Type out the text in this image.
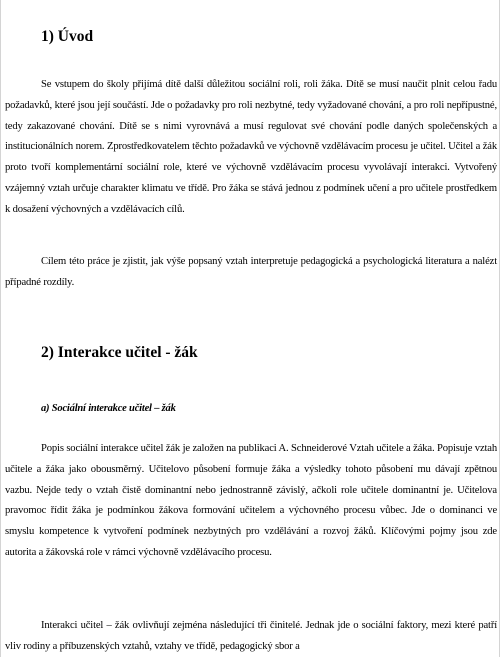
1) Úvod

Se vstupem do školy přijímá dítě další důležitou sociální roli, roli žáka. Dítě se musí naučit plnit celou řadu požadavků, které jsou její součástí. Jde o požadavky pro roli nezbytné, tedy vyžadované chování, a pro roli nepřípustné, tedy zakazované chování. Dítě se s nimi vyrovnává a musí regulovat své chování podle daných společenských a institucionálních norem. Zprostředkovatelem těchto požadavků ve výchovně vzdělávacím procesu je učitel. Učitel a žák proto tvoří komplementární sociální role, které ve výchovně vzdělávacím procesu vyvolávají interakci. Vytvořený vzájemný vztah určuje charakter klimatu ve třídě. Pro žáka se stává jednou z podmínek učení a pro učitele prostředkem k dosažení výchovných a vzdělávacích cílů.

Cílem této práce je zjistit, jak výše popsaný vztah interpretuje pedagogická a psychologická literatura a nalézt případné rozdíly.

2) Interakce učitel - žák
a) Sociální interakce učitel – žák

Popis sociální interakce učitel žák je založen na publikaci A. Schneiderové Vztah učitele a žáka. Popisuje vztah učitele a žáka jako obousměrný. Učitelovo působení formuje žáka a výsledky tohoto působení mu dávají zpětnou vazbu. Nejde tedy o vztah čistě dominantní nebo jednostranně závislý, ačkoli role učitele dominantní je. Učitelova pravomoc řídit žáka je podmínkou žákova formování učitelem a výchovného procesu vůbec. Jde o dominanci ve smyslu kompetence k vytvoření podmínek nezbytných pro vzdělávání a rozvoj žáků. Klíčovými pojmy jsou zde autorita a žákovská role v rámci výchovně vzdělávacího procesu.

Interakci učitel – žák ovlivňují zejména následující tři činitelé. Jednak jde o sociální faktory, mezi které patří vliv rodiny a příbuzenských vztahů, vztahy ve třídě, pedagogický sbor a
